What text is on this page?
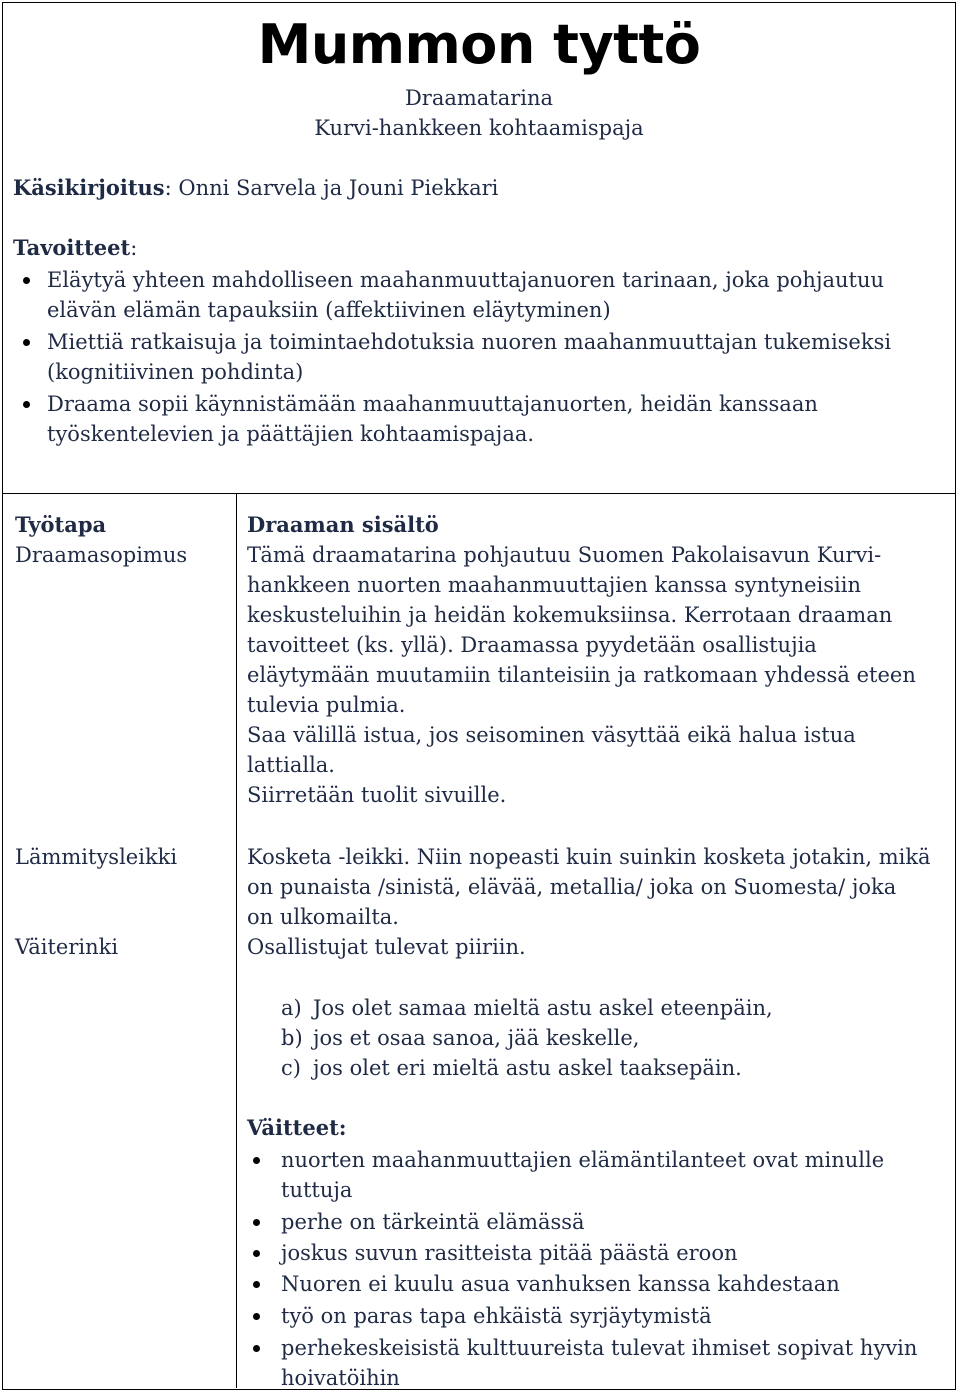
Mummon tyttö
Draamatarina
Kurvi-hankkeen kohtaamispaja
Käsikirjoitus: Onni Sarvela ja Jouni Piekkari
Tavoitteet:
Eläytyä yhteen mahdolliseen maahanmuuttajanuoren tarinaan, joka pohjautuu
elävän elämän tapauksiin (affektiivinen eläytyminen)
Miettiä ratkaisuja ja toimintaehdotuksia nuoren maahanmuuttajan tukemiseksi
(kognitiivinen pohdinta)
Draama sopii käynnistämään maahanmuuttajanuorten, heidän kanssaan
työskentelevien ja päättäjien kohtaamispajaa.
Työtapa	Draaman sisältö
Draamasopimus	Tämä draamatarina pohjautuu Suomen Pakolaisavun Kurvi-
hankkeen nuorten maahanmuuttajien kanssa syntyneisiin
keskusteluihin ja heidän kokemuksiinsa. Kerrotaan draaman
tavoitteet (ks. yllä). Draamassa pyydetään osallistujia
eläytymään muutamiin tilanteisiin ja ratkomaan yhdessä eteen
tulevia pulmia.
Saa välillä istua, jos seisominen väsyttää eikä halua istua
lattialla.
Siirretään tuolit sivuille.
Lämmitysleikki	Kosketa -leikki. Niin nopeasti kuin suinkin kosketa jotakin, mikä
on punaista /sinistä, elävää, metallia/ joka on Suomesta/ joka
on ulkomailta.
Väiterinki	Osallistujat tulevat piiriin.
a) Jos olet samaa mieltä astu askel eteenpäin,
b) jos et osaa sanoa, jää keskelle,
c) jos olet eri mieltä astu askel taaksepäin.
Väitteet:
nuorten maahanmuuttajien elämäntilanteet ovat minulle
tuttuja
perhe on tärkeintä elämässä
joskus suvun rasitteista pitää päästä eroon
Nuoren ei kuulu asua vanhuksen kanssa kahdestaan
työ on paras tapa ehkäistä syrjäytymistä
perhekeskeisistä kulttuureista tulevat ihmiset sopivat hyvin
hoivatöihin
